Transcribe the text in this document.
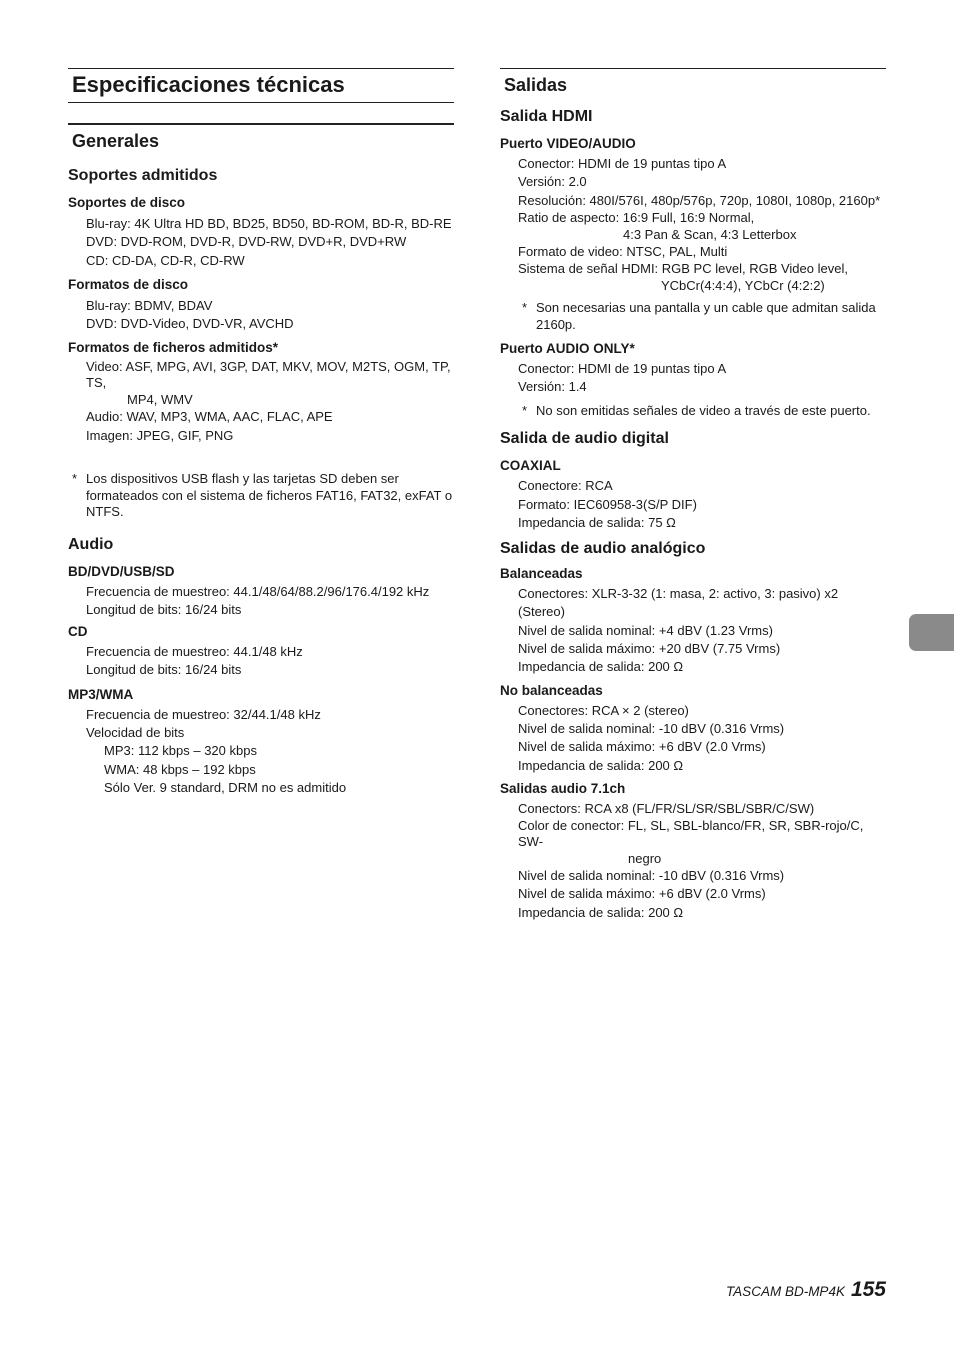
Especificaciones técnicas
Generales
Soportes admitidos
Soportes de disco

Blu-ray: 4K Ultra HD BD, BD25, BD50, BD-ROM, BD-R, BD-RE

DVD: DVD-ROM, DVD-R, DVD-RW, DVD+R, DVD+RW

CD: CD-DA, CD-R, CD-RW

Formatos de disco

Blu-ray: BDMV, BDAV

DVD: DVD-Video, DVD-VR, AVCHD

Formatos de ficheros admitidos*

Video: ASF, MPG, AVI, 3GP, DAT, MKV, MOV, M2TS, OGM, TP, TS,

MP4, WMV

Audio: WAV, MP3, WMA, AAC, FLAC, APE

Imagen: JPEG, GIF, PNG

* Los dispositivos USB flash y las tarjetas SD deben ser formateados con el sistema de ficheros FAT16, FAT32, exFAT o NTFS.
Audio
BD/DVD/USB/SD

Frecuencia de muestreo: 44.1/48/64/88.2/96/176.4/192 kHz

Longitud de bits: 16/24 bits

CD

Frecuencia de muestreo: 44.1/48 kHz

Longitud de bits: 16/24 bits

MP3/WMA

Frecuencia de muestreo: 32/44.1/48 kHz

Velocidad de bits

MP3: 112 kbps – 320 kbps

WMA: 48 kbps – 192 kbps

Sólo Ver. 9 standard, DRM no es admitido

Salidas
Salida HDMI
Puerto VIDEO/AUDIO

Conector: HDMI de 19 puntas tipo A

Versión: 2.0

Resolución: 480I/576I, 480p/576p, 720p, 1080I, 1080p, 2160p*

Ratio de aspecto: 16:9 Full, 16:9 Normal,

4:3 Pan & Scan, 4:3 Letterbox

Formato de video: NTSC, PAL, Multi

Sistema de señal HDMI: RGB PC level, RGB Video level,

YCbCr(4:4:4), YCbCr (4:2:2)

* Son necesarias una pantalla y un cable que admitan salida 2160p.
Puerto AUDIO ONLY*

Conector: HDMI de 19 puntas tipo A

Versión: 1.4

* No son emitidas señales de video a través de este puerto.
Salida de audio digital
COAXIAL

Conectore: RCA

Formato: IEC60958-3(S/P DIF)

Impedancia de salida: 75 Ω

Salidas de audio analógico
Balanceadas

Conectores: XLR-3-32 (1: masa, 2: activo, 3: pasivo) x2 (Stereo)

Nivel de salida nominal: +4 dBV (1.23 Vrms)

Nivel de salida máximo: +20 dBV (7.75 Vrms)

Impedancia de salida: 200 Ω

No balanceadas

Conectores: RCA × 2 (stereo)

Nivel de salida nominal: -10 dBV (0.316 Vrms)

Nivel de salida máximo: +6 dBV (2.0 Vrms)

Impedancia de salida: 200 Ω

Salidas audio 7.1ch

Conectors: RCA x8 (FL/FR/SL/SR/SBL/SBR/C/SW)

Color de conector: FL, SL, SBL-blanco/FR, SR, SBR-rojo/C, SW-

negro

Nivel de salida nominal: -10 dBV (0.316 Vrms)

Nivel de salida máximo: +6 dBV (2.0 Vrms)

Impedancia de salida: 200 Ω

TASCAM BD-MP4K 155
